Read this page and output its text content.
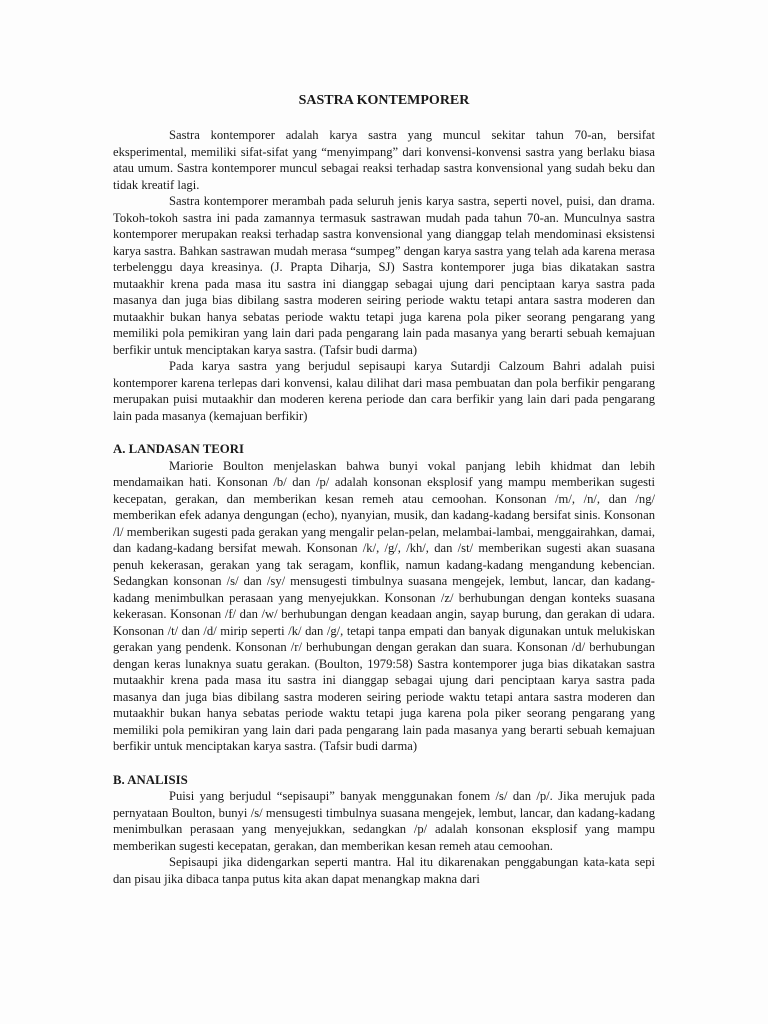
SASTRA KONTEMPORER

Sastra kontemporer adalah karya sastra yang muncul sekitar tahun 70-an, bersifat eksperimental, memiliki sifat-sifat yang “menyimpang” dari konvensi-konvensi sastra yang berlaku biasa atau umum. Sastra kontemporer muncul sebagai reaksi terhadap sastra konvensional yang sudah beku dan tidak kreatif lagi.

Sastra kontemporer merambah pada seluruh jenis karya sastra, seperti novel, puisi, dan drama. Tokoh-tokoh sastra ini pada zamannya termasuk sastrawan mudah pada tahun 70-an. Munculnya sastra kontemporer merupakan reaksi terhadap sastra konvensional yang dianggap telah mendominasi eksistensi karya sastra. Bahkan sastrawan mudah merasa “sumpeg” dengan karya sastra yang telah ada karena merasa terbelenggu daya kreasinya. (J. Prapta Diharja, SJ) Sastra kontemporer juga bias dikatakan sastra mutaakhir krena pada masa itu sastra ini dianggap sebagai ujung dari penciptaan karya sastra pada masanya dan juga bias dibilang sastra moderen seiring periode waktu tetapi antara sastra moderen dan mutaakhir bukan hanya sebatas periode waktu tetapi juga karena pola piker seorang pengarang yang memiliki pola pemikiran yang lain dari pada pengarang lain pada masanya yang berarti sebuah kemajuan berfikir untuk menciptakan karya sastra. (Tafsir budi darma)

Pada karya sastra yang berjudul sepisaupi karya Sutardji Calzoum Bahri adalah puisi kontemporer karena terlepas dari konvensi, kalau dilihat dari masa pembuatan dan pola berfikir pengarang merupakan puisi mutaakhir dan moderen kerena periode dan cara berfikir yang lain dari pada pengarang lain pada masanya (kemajuan berfikir)

A. LANDASAN TEORI

Mariorie Boulton menjelaskan bahwa bunyi vokal panjang lebih khidmat dan lebih mendamaikan hati. Konsonan /b/ dan /p/ adalah konsonan eksplosif yang mampu memberikan sugesti kecepatan, gerakan, dan memberikan kesan remeh atau cemoohan. Konsonan /m/, /n/, dan /ng/ memberikan efek adanya dengungan (echo), nyanyian, musik, dan kadang-kadang bersifat sinis. Konsonan /l/ memberikan sugesti pada gerakan yang mengalir pelan-pelan, melambai-lambai, menggairahkan, damai, dan kadang-kadang bersifat mewah. Konsonan /k/, /g/, /kh/, dan /st/ memberikan sugesti akan suasana penuh kekerasan, gerakan yang tak seragam, konflik, namun kadang-kadang mengandung kebencian. Sedangkan konsonan /s/ dan /sy/ mensugesti timbulnya suasana mengejek, lembut, lancar, dan kadang-kadang menimbulkan perasaan yang menyejukkan. Konsonan /z/ berhubungan dengan konteks suasana kekerasan. Konsonan /f/ dan /w/ berhubungan dengan keadaan angin, sayap burung, dan gerakan di udara. Konsonan /t/ dan /d/ mirip seperti /k/ dan /g/, tetapi tanpa empati dan banyak digunakan untuk melukiskan gerakan yang pendenk. Konsonan /r/ berhubungan dengan gerakan dan suara. Konsonan /d/ berhubungan dengan keras lunaknya suatu gerakan. (Boulton, 1979:58) Sastra kontemporer juga bias dikatakan sastra mutaakhir krena pada masa itu sastra ini dianggap sebagai ujung dari penciptaan karya sastra pada masanya dan juga bias dibilang sastra moderen seiring periode waktu tetapi antara sastra moderen dan mutaakhir bukan hanya sebatas periode waktu tetapi juga karena pola piker seorang pengarang yang memiliki pola pemikiran yang lain dari pada pengarang lain pada masanya yang berarti sebuah kemajuan berfikir untuk menciptakan karya sastra. (Tafsir budi darma)

B. ANALISIS

Puisi yang berjudul “sepisaupi” banyak menggunakan fonem /s/ dan /p/. Jika merujuk pada pernyataan Boulton, bunyi /s/ mensugesti timbulnya suasana mengejek, lembut, lancar, dan kadang-kadang menimbulkan perasaan yang menyejukkan, sedangkan /p/ adalah konsonan eksplosif yang mampu memberikan sugesti kecepatan, gerakan, dan memberikan kesan remeh atau cemoohan.

Sepisaupi jika didengarkan seperti mantra. Hal itu dikarenakan penggabungan kata-kata sepi dan pisau jika dibaca tanpa putus kita akan dapat menangkap makna dari
